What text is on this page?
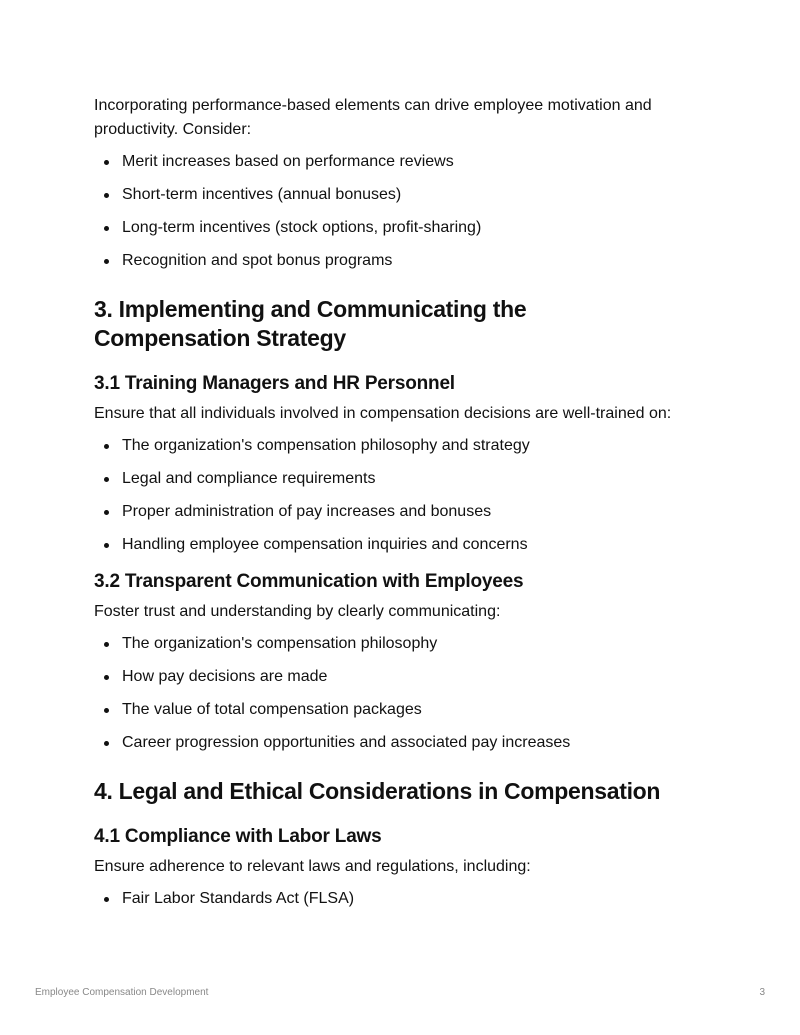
Incorporating performance-based elements can drive employee motivation and productivity. Consider:

Merit increases based on performance reviews
Short-term incentives (annual bonuses)
Long-term incentives (stock options, profit-sharing)
Recognition and spot bonus programs
3. Implementing and Communicating the
Compensation Strategy
3.1 Training Managers and HR Personnel

Ensure that all individuals involved in compensation decisions are well-trained on:

The organization's compensation philosophy and strategy
Legal and compliance requirements
Proper administration of pay increases and bonuses
Handling employee compensation inquiries and concerns
3.2 Transparent Communication with Employees

Foster trust and understanding by clearly communicating:

The organization's compensation philosophy
How pay decisions are made
The value of total compensation packages
Career progression opportunities and associated pay increases
4. Legal and Ethical Considerations in Compensation
4.1 Compliance with Labor Laws

Ensure adherence to relevant laws and regulations, including:

Fair Labor Standards Act (FLSA)
Employee Compensation Development	3
